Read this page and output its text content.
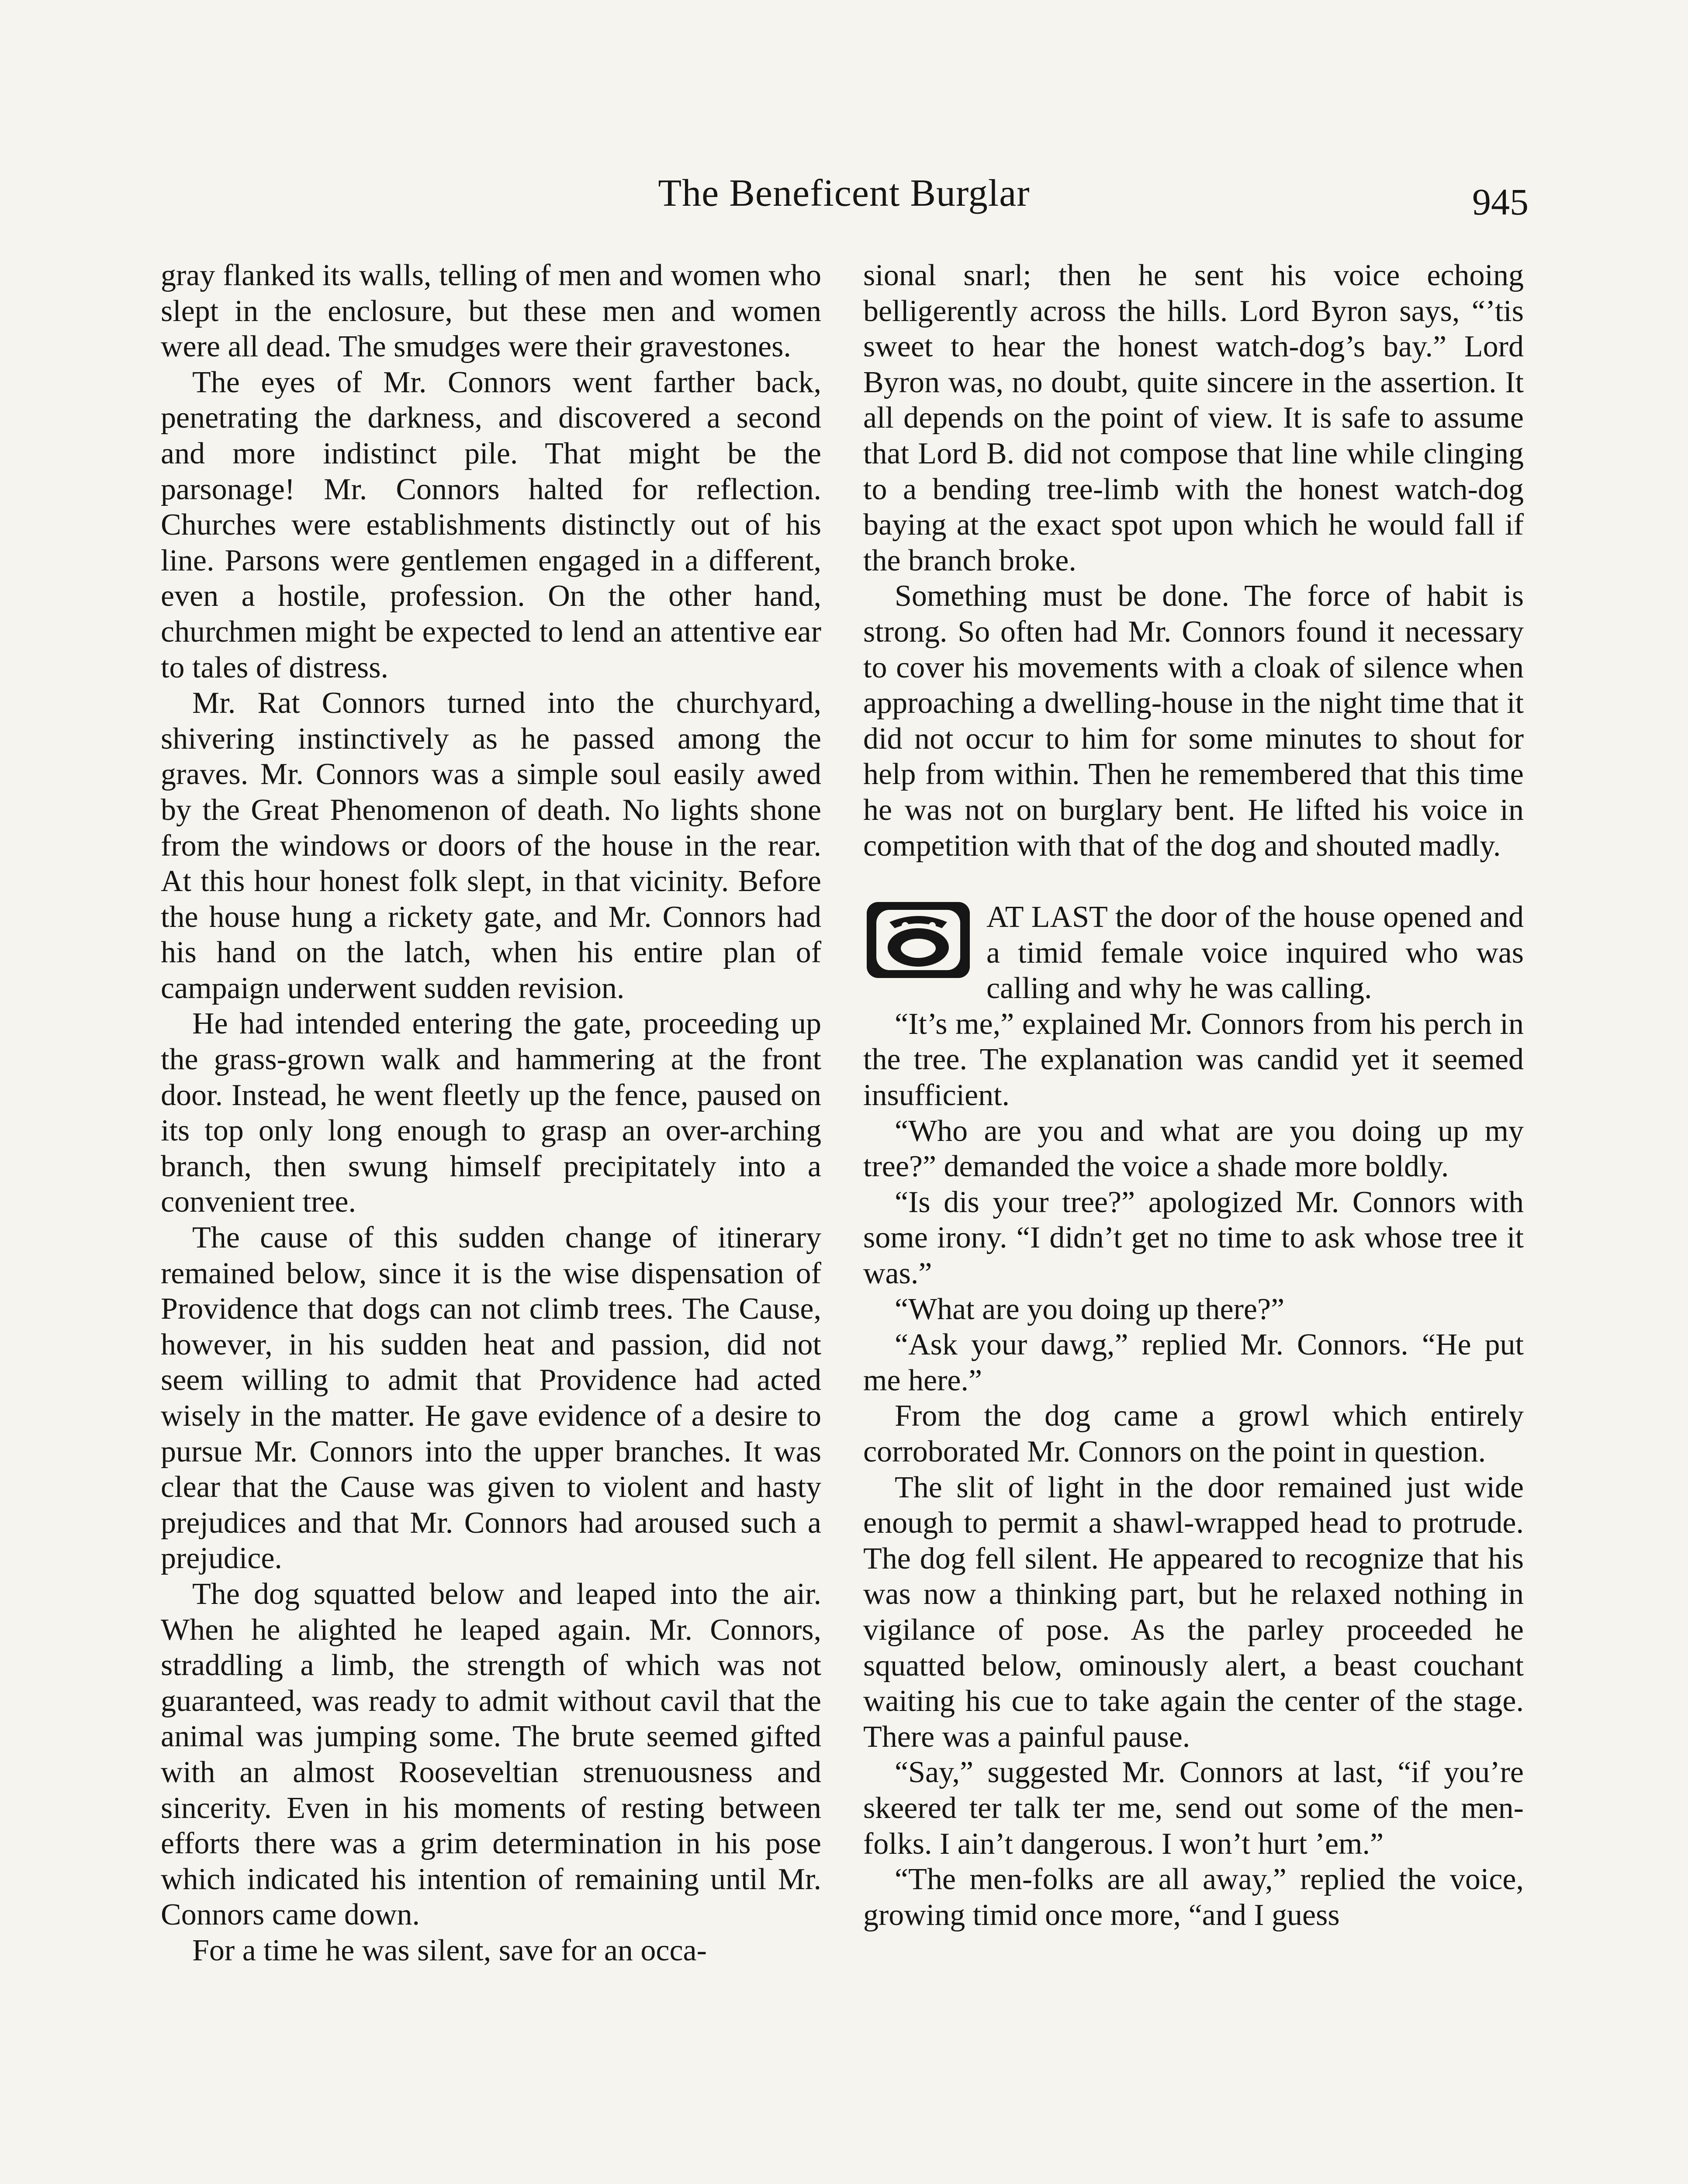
The Beneficent Burglar	945

gray flanked its walls, telling of men and women who slept in the enclosure, but these men and women were all dead. The smudges were their gravestones.

The eyes of Mr. Connors went farther back, penetrating the darkness, and discovered a second and more indistinct pile. That might be the parsonage! Mr. Connors halted for reflection. Churches were establishments distinctly out of his line. Parsons were gentlemen engaged in a different, even a hostile, profession. On the other hand, churchmen might be expected to lend an attentive ear to tales of distress.

Mr. Rat Connors turned into the churchyard, shivering instinctively as he passed among the graves. Mr. Connors was a simple soul easily awed by the Great Phenomenon of death. No lights shone from the windows or doors of the house in the rear. At this hour honest folk slept, in that vicinity. Before the house hung a rickety gate, and Mr. Connors had his hand on the latch, when his entire plan of campaign underwent sudden revision.

He had intended entering the gate, proceeding up the grass-grown walk and hammering at the front door. Instead, he went fleetly up the fence, paused on its top only long enough to grasp an over-arching branch, then swung himself precipitately into a convenient tree.

The cause of this sudden change of itinerary remained below, since it is the wise dispensation of Providence that dogs can not climb trees. The Cause, however, in his sudden heat and passion, did not seem willing to admit that Providence had acted wisely in the matter. He gave evidence of a desire to pursue Mr. Connors into the upper branches. It was clear that the Cause was given to violent and hasty prejudices and that Mr. Connors had aroused such a prejudice.

The dog squatted below and leaped into the air. When he alighted he leaped again. Mr. Connors, straddling a limb, the strength of which was not guaranteed, was ready to admit without cavil that the animal was jumping some. The brute seemed gifted with an almost Rooseveltian strenuousness and sincerity. Even in his moments of resting between efforts there was a grim determination in his pose which indicated his intention of remaining until Mr. Connors came down.

For a time he was silent, save for an occa-

sional snarl; then he sent his voice echoing belligerently across the hills. Lord Byron says, “’tis sweet to hear the honest watch-dog’s bay.” Lord Byron was, no doubt, quite sincere in the assertion. It all depends on the point of view. It is safe to assume that Lord B. did not compose that line while clinging to a bending tree-limb with the honest watch-dog baying at the exact spot upon which he would fall if the branch broke.

Something must be done. The force of habit is strong. So often had Mr. Connors found it necessary to cover his movements with a cloak of silence when approaching a dwelling-house in the night time that it did not occur to him for some minutes to shout for help from within. Then he remembered that this time he was not on burglary bent. He lifted his voice in competition with that of the dog and shouted madly.

AT LAST the door of the house opened and a timid female voice inquired who was calling and why he was calling.

“It’s me,” explained Mr. Connors from his perch in the tree. The explanation was candid yet it seemed insufficient.

“Who are you and what are you doing up my tree?” demanded the voice a shade more boldly.

“Is dis your tree?” apologized Mr. Connors with some irony. “I didn’t get no time to ask whose tree it was.”

“What are you doing up there?”

“Ask your dawg,” replied Mr. Connors. “He put me here.”

From the dog came a growl which entirely corroborated Mr. Connors on the point in question.

The slit of light in the door remained just wide enough to permit a shawl-wrapped head to protrude. The dog fell silent. He appeared to recognize that his was now a thinking part, but he relaxed nothing in vigilance of pose. As the parley proceeded he squatted below, ominously alert, a beast couchant waiting his cue to take again the center of the stage. There was a painful pause.

“Say,” suggested Mr. Connors at last, “if you’re skeered ter talk ter me, send out some of the men-folks. I ain’t dangerous. I won’t hurt ’em.”

“The men-folks are all away,” replied the voice, growing timid once more, “and I guess
